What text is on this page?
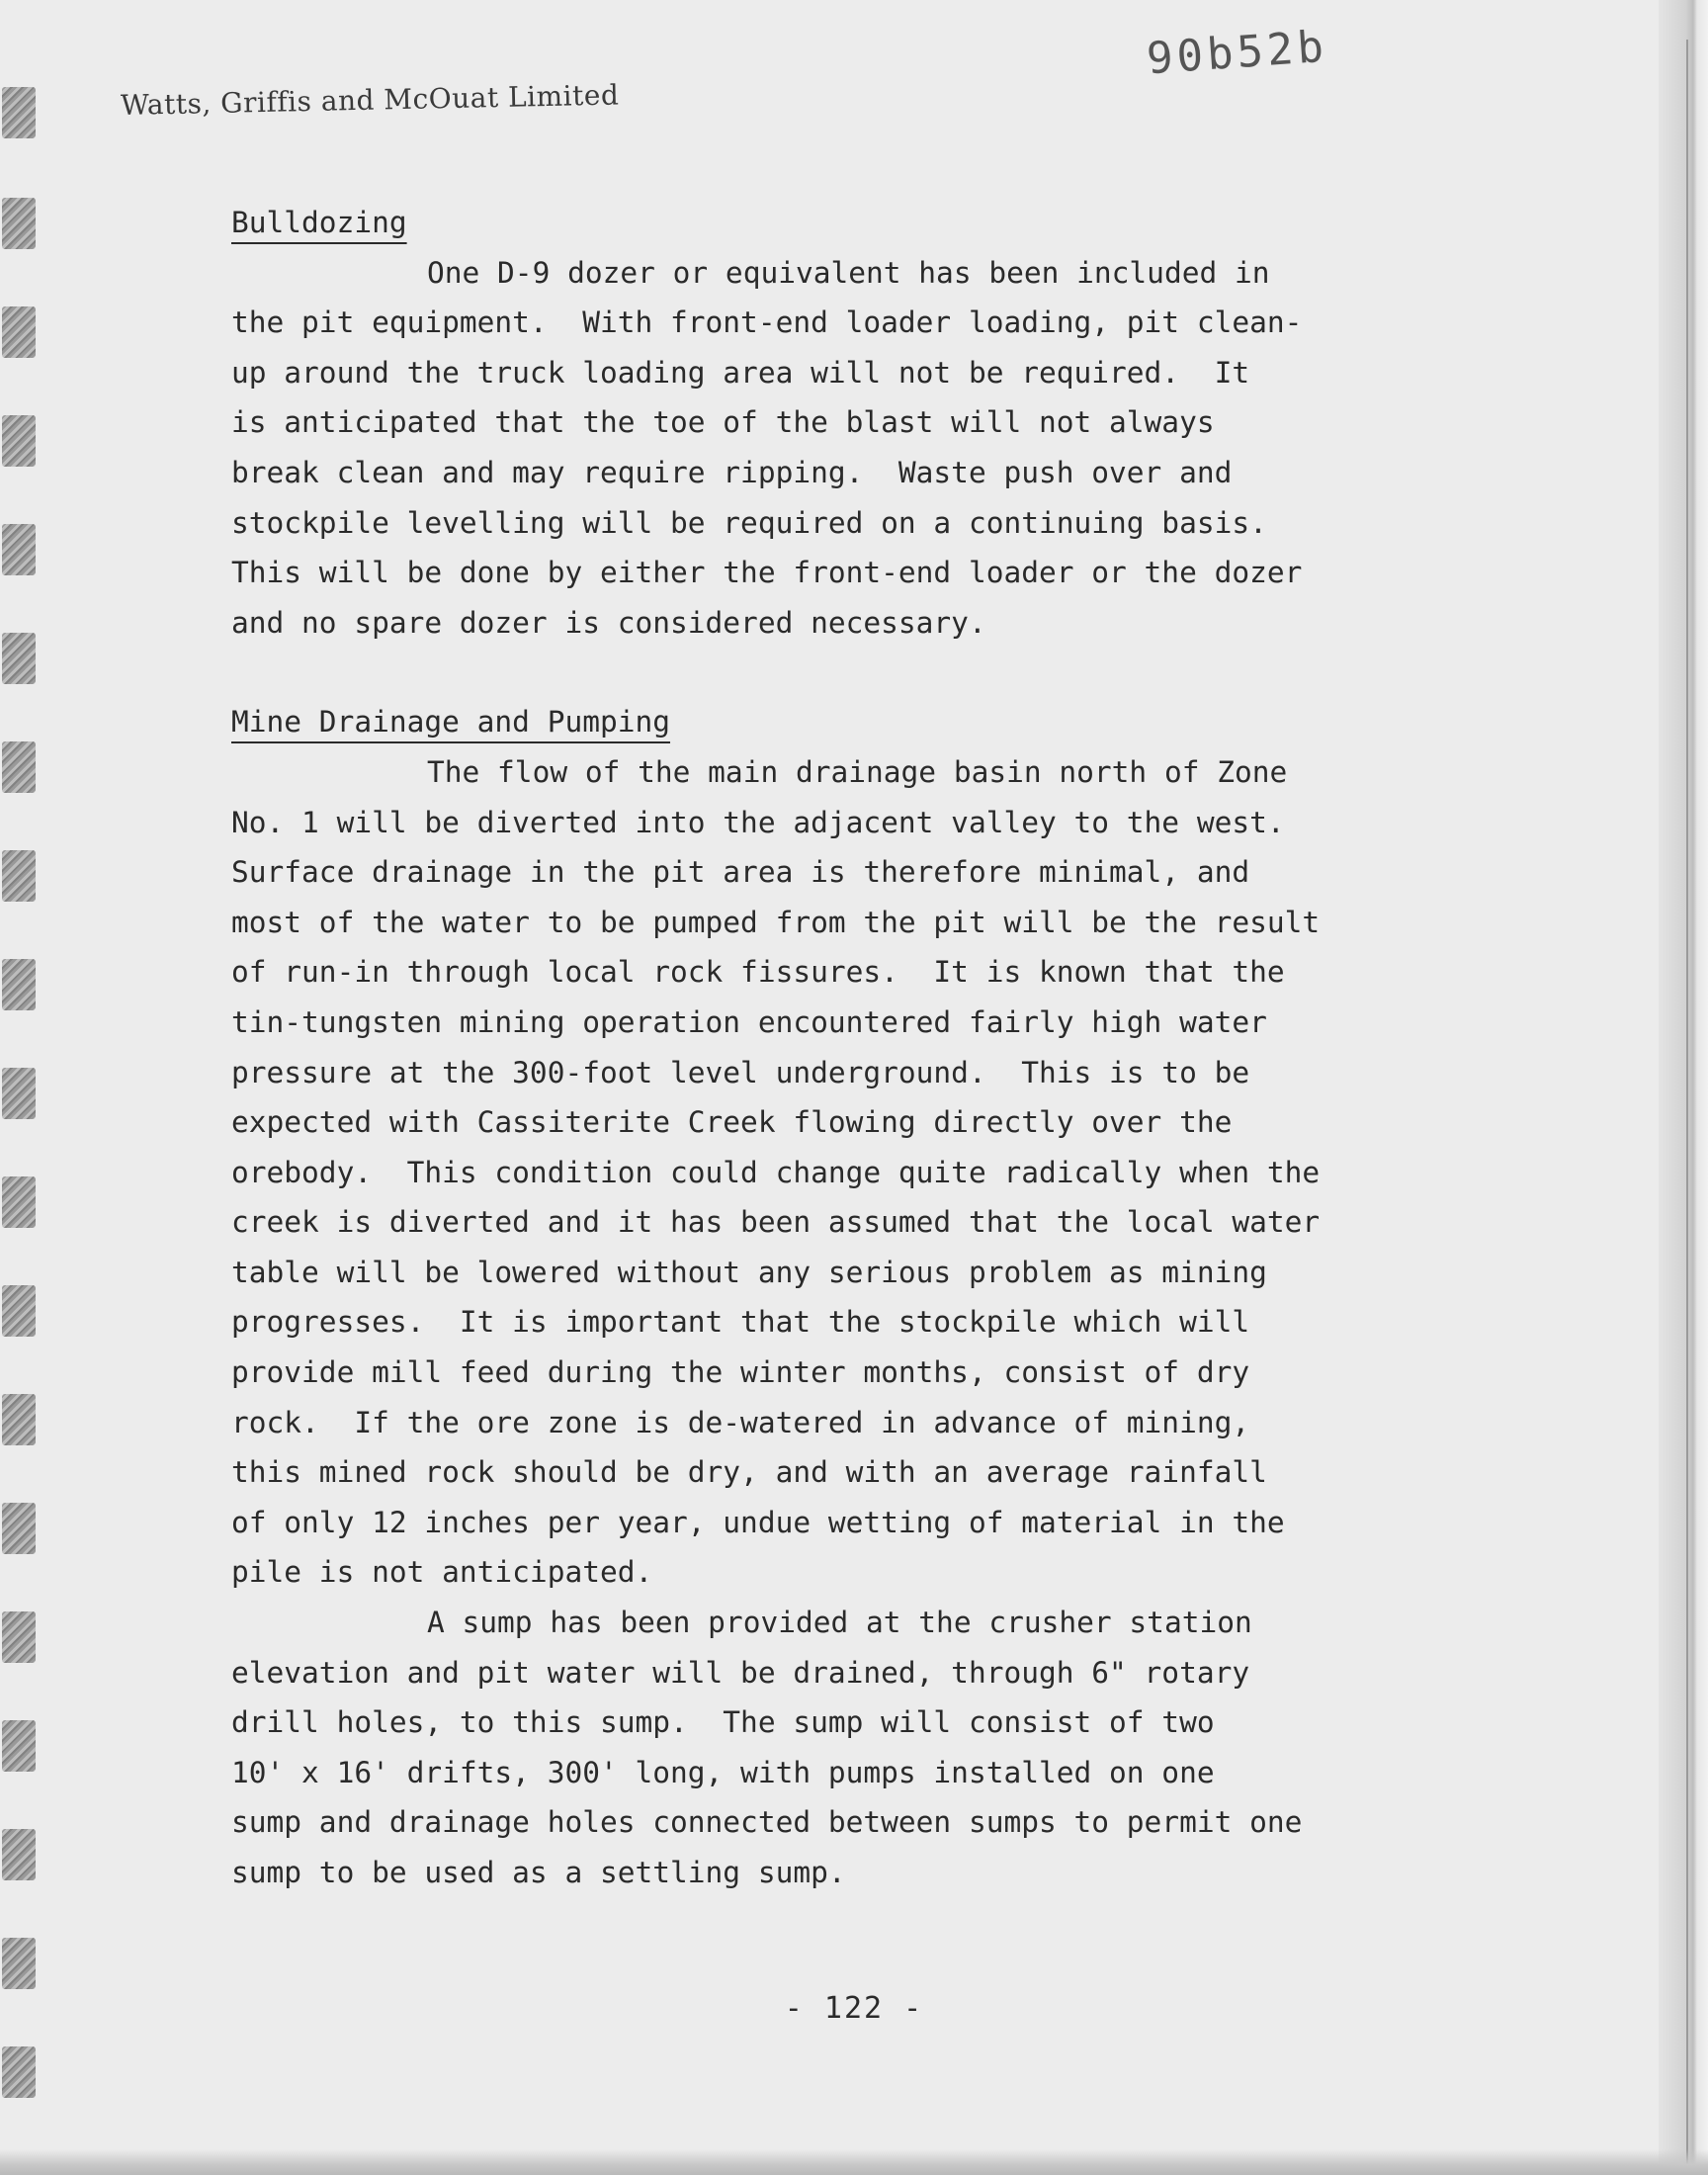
90b52b
Watts, Griffis and McOuat Limited
Bulldozing
One D-9 dozer or equivalent has been included in
the pit equipment.  With front-end loader loading, pit clean-
up around the truck loading area will not be required.  It
is anticipated that the toe of the blast will not always
break clean and may require ripping.  Waste push over and
stockpile levelling will be required on a continuing basis.
This will be done by either the front-end loader or the dozer
and no spare dozer is considered necessary.
Mine Drainage and Pumping
The flow of the main drainage basin north of Zone
No. 1 will be diverted into the adjacent valley to the west.
Surface drainage in the pit area is therefore minimal, and
most of the water to be pumped from the pit will be the result
of run-in through local rock fissures.  It is known that the
tin-tungsten mining operation encountered fairly high water
pressure at the 300-foot level underground.  This is to be
expected with Cassiterite Creek flowing directly over the
orebody.  This condition could change quite radically when the
creek is diverted and it has been assumed that the local water
table will be lowered without any serious problem as mining
progresses.  It is important that the stockpile which will
provide mill feed during the winter months, consist of dry
rock.  If the ore zone is de-watered in advance of mining,
this mined rock should be dry, and with an average rainfall
of only 12 inches per year, undue wetting of material in the
pile is not anticipated.
A sump has been provided at the crusher station
elevation and pit water will be drained, through 6" rotary
drill holes, to this sump.  The sump will consist of two
10' x 16' drifts, 300' long, with pumps installed on one
sump and drainage holes connected between sumps to permit one
sump to be used as a settling sump.
- 122 -
